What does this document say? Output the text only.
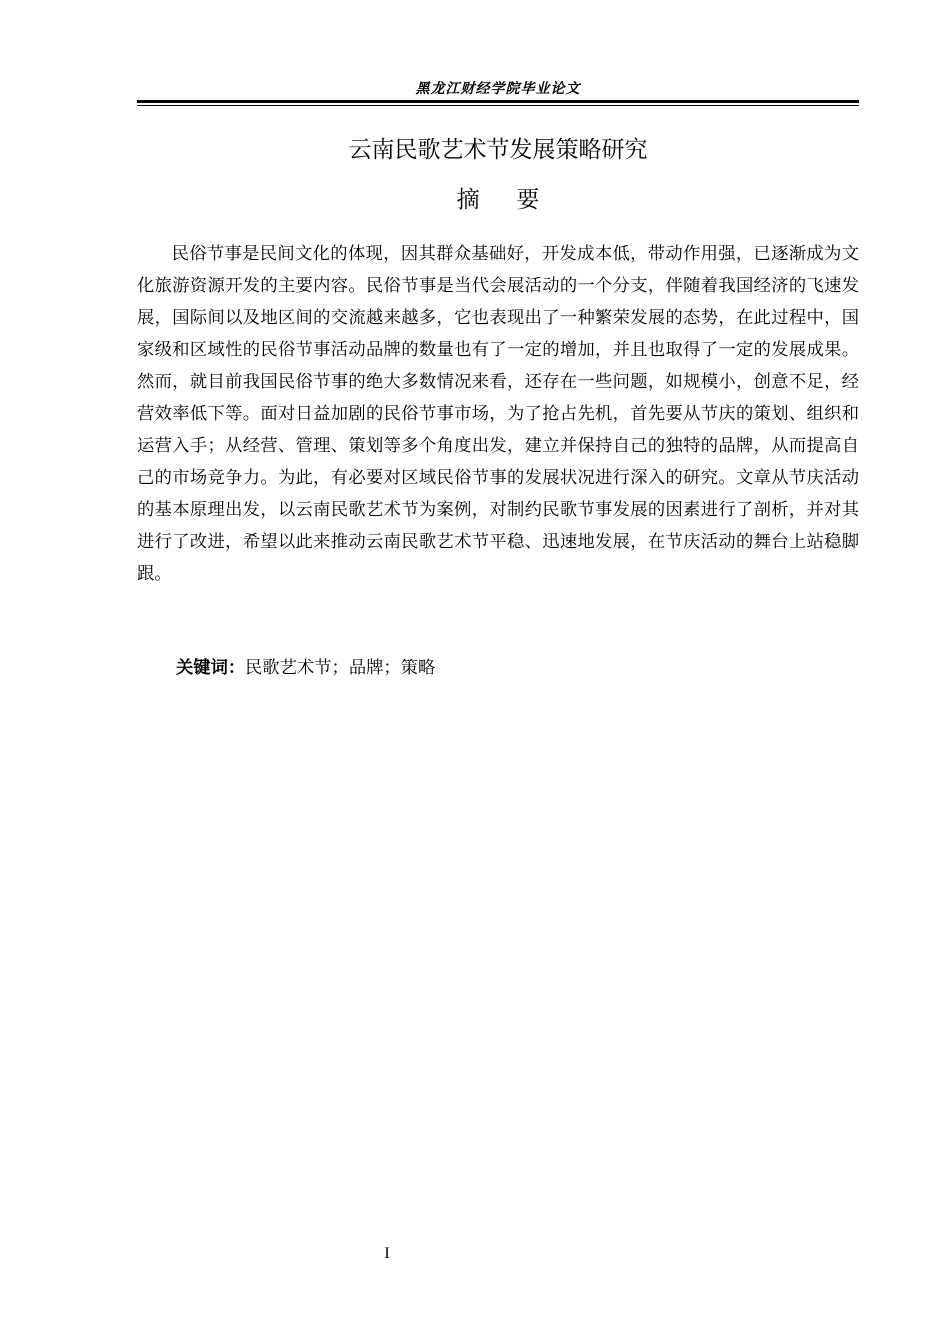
黑龙江财经学院毕业论文
云南民歌艺术节发展策略研究
摘要

民俗节事是民间文化的体现，因其群众基础好，开发成本低，带动作用强，已逐渐成为文化旅游资源开发的主要内容。民俗节事是当代会展活动的一个分支，伴随着我国经济的飞速发展，国际间以及地区间的交流越来越多，它也表现出了一种繁荣发展的态势，在此过程中，国家级和区域性的民俗节事活动品牌的数量也有了一定的增加，并且也取得了一定的发展成果。然而，就目前我国民俗节事的绝大多数情况来看，还存在一些问题，如规模小，创意不足，经营效率低下等。面对日益加剧的民俗节事市场，为了抢占先机，首先要从节庆的策划、组织和运营入手；从经营、管理、策划等多个角度出发，建立并保持自己的独特的品牌，从而提高自己的市场竞争力。为此，有必要对区域民俗节事的发展状况进行深入的研究。文章从节庆活动的基本原理出发，以云南民歌艺术节为案例，对制约民歌节事发展的因素进行了剖析，并对其进行了改进，希望以此来推动云南民歌艺术节平稳、迅速地发展，在节庆活动的舞台上站稳脚跟。

关键词：民歌艺术节；品牌；策略
I
